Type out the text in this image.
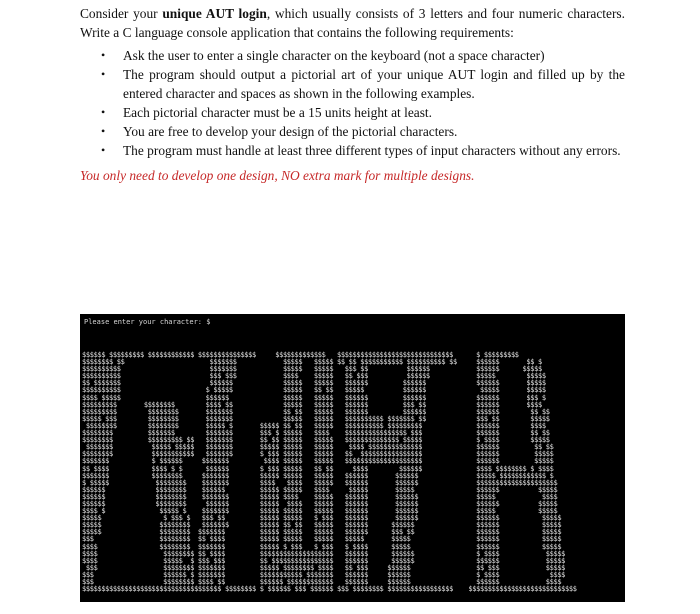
Consider your unique AUT login, which usually consists of 3 letters and four numeric characters. Write a C language console application that contains the following requirements:

• Ask the user to enter a single character on the keyboard (not a space character)
• The program should output a pictorial art of your unique AUT login and filled up by the entered character and spaces as shown in the following examples.
• Each pictorial character must be a 15 units height at least.
• You are free to develop your design of the pictorial characters.
• The program must handle at least three different types of input characters without any errors.

You only need to develop one design, NO extra mark for multiple designs.

Please enter your character: $
$$$$$$ $$$$$$$$$ $$$$$$$$$$$$ $$$$$$$$$$$$$$$     $$$$$$$$$$$$$   $$$$$$$$$$$$$$$$$$$$$$$$$$$$$$      $ $$$$$$$$$
$$$$$$$$ $$                      $$$$$$$            $$$$$   $$$$$ $$ $$ $$$$$$$$$$$ $$$$$$$$$$ $$     $$$$$$       $$ $
$$$$$$$$$$                       $$$$$$$            $$$$$   $$$$$   $$$ $$          $$$$$$            $$$$$$      $$$$$
$$$$$$$$$$                       $$$ $$$            $$$$    $$$$$   $$ $$$          $$$$$$            $$$$$        $$$$$
$$ $$$$$$$                       $$$$$$             $$$$$   $$$$$   $$$$$$         $$$$$$             $$$$$$       $$$$$
$$$$$$$$$$                      $ $$$$$             $$$$$   $$ $$   $$$$$          $$$$$$              $$$$$       $$$$$
$$$$ $$$$$                      $$$$$$              $$$$$   $$$$$   $$$$$$         $$$$$$             $$$$$$       $$$ $
$$$$$$$$$       $$$$$$$$        $$$$ $$             $$$$$   $$$$$   $$$$$$         $$$ $$             $$$$$$       $$$$
$$$$$$$$$        $$$$$$$$       $$$$$$$             $$ $$   $$$$$   $$$$$$         $$$$$$             $$$$$$        $$ $$
$$$$$ $$$        $$$$$$$$       $$$$$$$             $$$$$   $$$$$   $$$$$$$$$$ $$$$$$$ $$             $$$ $$        $$$$$
$$$$$$$$        $$$$$$$$       $$$$$ $       $$$$$ $$ $$   $$$$$   $$$$$$$$$$ $$$$$$$$$              $$$$$$        $$$$
$$$$$$$$         $$$$$$$        $$$$$$$       $$$ $ $$$$$   $$$$    $$$$$$$$$$$$$$$$ $$$              $$$$$$        $$ $$
$$$$$$$$         $$$$$$$$$ $$   $$$$$$$       $$ $$ $$$$$   $$$$$   $$$$$$$$$$$$$$ $$$$$              $ $$$$        $$$$$
$$$$$$$          $$$$$ $$$$$   $$$$$$$       $$$$$ $$$$$   $$$$$    $$$$ $$$$$$$$$$$$$$              $$$$$$         $$ $$
$$$$$$$$          $$$$$$$$$$$   $$$$$$$       $ $$$ $$$$$   $$$$$   $$  $$$$$$$$$$$$$$$$              $$$$$$         $$$$$
$$$$$$$           $ $$$$$$     $$$$$$$         $$$$ $$$$$   $$$$$   $$$$$$$$$$$$$$$$$$$$              $$$$$$         $$$$$
$$ $$$$           $$$$ $ $      $$$$$$        $ $$$ $$$$$   $$ $$     $$$$        $$$$$$              $$$$ $$$$$$$$ $ $$$$
$$$$$$$           $$$$$$$$     $$$$$$$        $$$$$ $$$$$   $$$$$   $$$$$$       $$$$$$               $$$$$ $$$$$$$$$$$$ $
$ $$$$$            $$$$$$$$    $$$$$$$        $$$$   $$$$   $$$$$   $$$$$$       $$$$$$               $$$$$$$$$$$$$$$$$$$$$
$$$$$$             $$$$$$$$    $$$$$$         $$$$$ $$$$$   $$$$     $$$$$       $$$$$                $$$$$$          $$$$$
$$$$$$             $$$$$$$$    $$$$$$$        $$$$$ $$$$    $$$$$   $$$$$$       $$$$$$               $$$$$            $$$$
$$$$$$             $$$$$$$$     $$$$$$        $$$$$  $$$$   $$$$$   $$$$$$       $$$$$$               $$$$$$          $$$$$
$$$$ $              $$$$$ $    $$$$$$$        $$$$$ $$$$$   $$$$$   $$$$$$       $$$$$$               $$$$$           $$$$$
$$$$$                $ $$$ $   $$$ $$         $$$$$ $$$$$   $ $$$   $$$$$$       $$$$$$               $$$$$$           $$$$$
$$$$$               $$$$$$$$   $$$$$$$        $$$$$ $$ $$   $$$$$   $$$$$$      $$$$$$                $$$$$$           $$$$$
$$$$$               $$$$$$$$  $$$$$$$         $$$$$ $$$$$   $$$$$   $$$$$$      $$$ $$                $$$$$$           $$$$$
$$$                 $$$$$$$$  $$ $$$$         $$$$$ $$$$$   $$$$$   $$$$$       $$$$$                 $$$$$$           $$$$$
$$$$                $$$$$$$$  $$$$$$$         $$$$$ $ $$$   $ $$$   $ $$$$      $$$$$                 $$$$$$           $$$$$
$$$$                 $$$$$$$$ $$ $$$$         $$$$$$$$$$$$$$$$$$$   $$$$$$      $$$$$$                $ $$$$            $$$$$
$$$$                 $$$$$  $ $$$ $$$         $$ $$$$$$$$$$$$$$$$   $$$$$$      $$$$$$                $$$$$$            $$$$$
$$$                 $$$$$$$$ $$$$$$$         $$$$$ $$$$$$$$ $$$$   $$ $$$     $$$$$$                 $$ $$$            $$$$$
$$$                  $$$$$$ $ $$$$$$$         $$$$$$$$$$$ $$$$$$$   $$$$$$     $$$$$$                 $ $$$$             $$$$
$$$                  $$$$$$$$ $$$$ $$         $$$$$$ $$$$$$$$$$$$   $$$$$$     $$$$$$                 $$$$$$            $$$$
$$$$$$$$$$$$$$$$$$$$$$$$$$$$$$$$$$$$ $$$$$$$$ $ $$$$$$ $$$ $$$$$$ $$$ $$$$$$$$ $$$$$$$$$$$$$$$$$    $$$$$$$$$$$$$$$$$$$$$$$$$$$$
